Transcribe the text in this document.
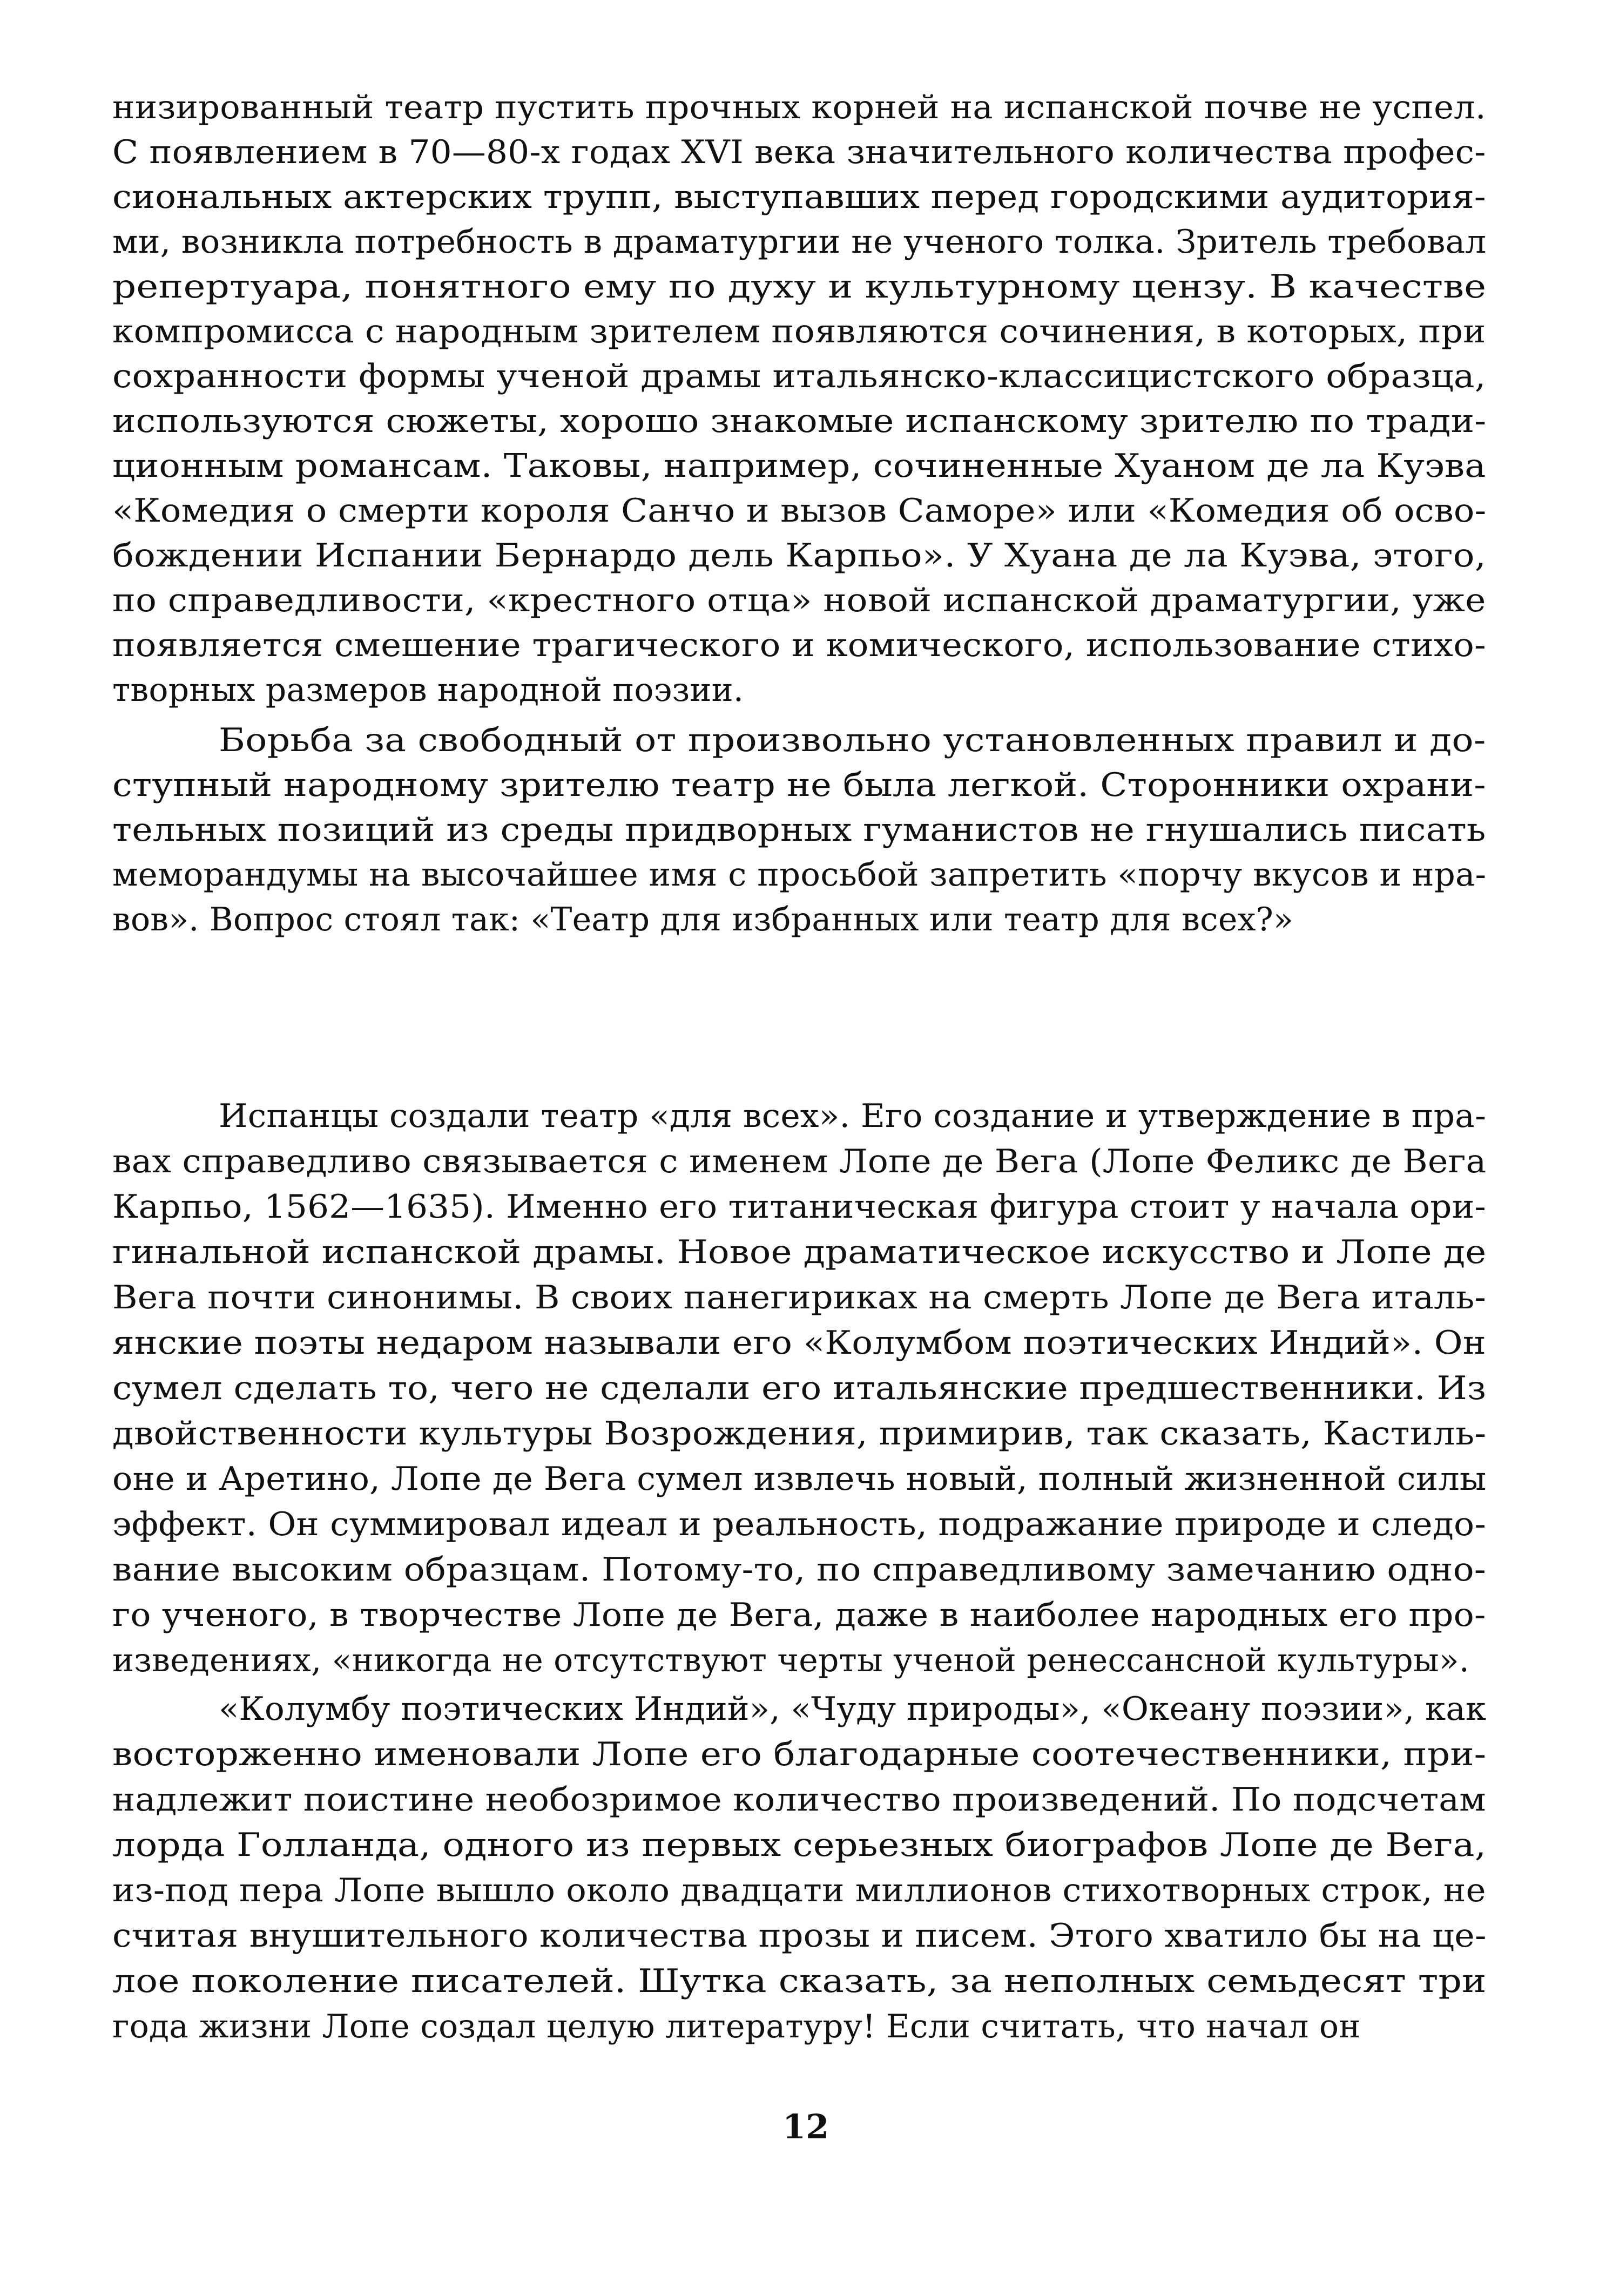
низированный театр пустить прочных корней на испанской почве не успел.
С появлением в 70—80-х годах XVI века значительного количества профес-
сиональных актерских трупп, выступавших перед городскими аудитория-
ми, возникла потребность в драматургии не ученого толка. Зритель требовал
репертуара, понятного ему по духу и культурному цензу. В качестве
компромисса с народным зрителем появляются сочинения, в которых, при
сохранности формы ученой драмы итальянско-классицистского образца,
используются сюжеты, хорошо знакомые испанскому зрителю по тради-
ционным романсам. Таковы, например, сочиненные Хуаном де ла Куэва
«Комедия о смерти короля Санчо и вызов Саморе» или «Комедия об осво-
бождении Испании Бернардо дель Карпьо». У Хуана де ла Куэва, этого,
по справедливости, «крестного отца» новой испанской драматургии, уже
появляется смешение трагического и комического, использование стихо-
творных размеров народной поэзии.
Борьба за свободный от произвольно установленных правил и до-
ступный народному зрителю театр не была легкой. Сторонники охрани-
тельных позиций из среды придворных гуманистов не гнушались писать
меморандумы на высочайшее имя с просьбой запретить «порчу вкусов и нра-
вов». Вопрос стоял так: «Театр для избранных или театр для всех?»
Испанцы создали театр «для всех». Его создание и утверждение в пра-
вах справедливо связывается с именем Лопе де Вега (Лопе Феликс де Вега
Карпьо, 1562—1635). Именно его титаническая фигура стоит у начала ори-
гинальной испанской драмы. Новое драматическое искусство и Лопе де
Вега почти синонимы. В своих панегириках на смерть Лопе де Вега италь-
янские поэты недаром называли его «Колумбом поэтических Индий». Он
сумел сделать то, чего не сделали его итальянские предшественники. Из
двойственности культуры Возрождения, примирив, так сказать, Кастиль-
оне и Аретино, Лопе де Вега сумел извлечь новый, полный жизненной силы
эффект. Он суммировал идеал и реальность, подражание природе и следо-
вание высоким образцам. Потому-то, по справедливому замечанию одно-
го ученого, в творчестве Лопе де Вега, даже в наиболее народных его про-
изведениях, «никогда не отсутствуют черты ученой ренессансной культуры».
«Колумбу поэтических Индий», «Чуду природы», «Океану поэзии», как
восторженно именовали Лопе его благодарные соотечественники, при-
надлежит поистине необозримое количество произведений. По подсчетам
лорда Голланда, одного из первых серьезных биографов Лопе де Вега,
из-под пера Лопе вышло около двадцати миллионов стихотворных строк, не
считая внушительного количества прозы и писем. Этого хватило бы на це-
лое поколение писателей. Шутка сказать, за неполных семьдесят три
года жизни Лопе создал целую литературу! Если считать, что начал он
12
